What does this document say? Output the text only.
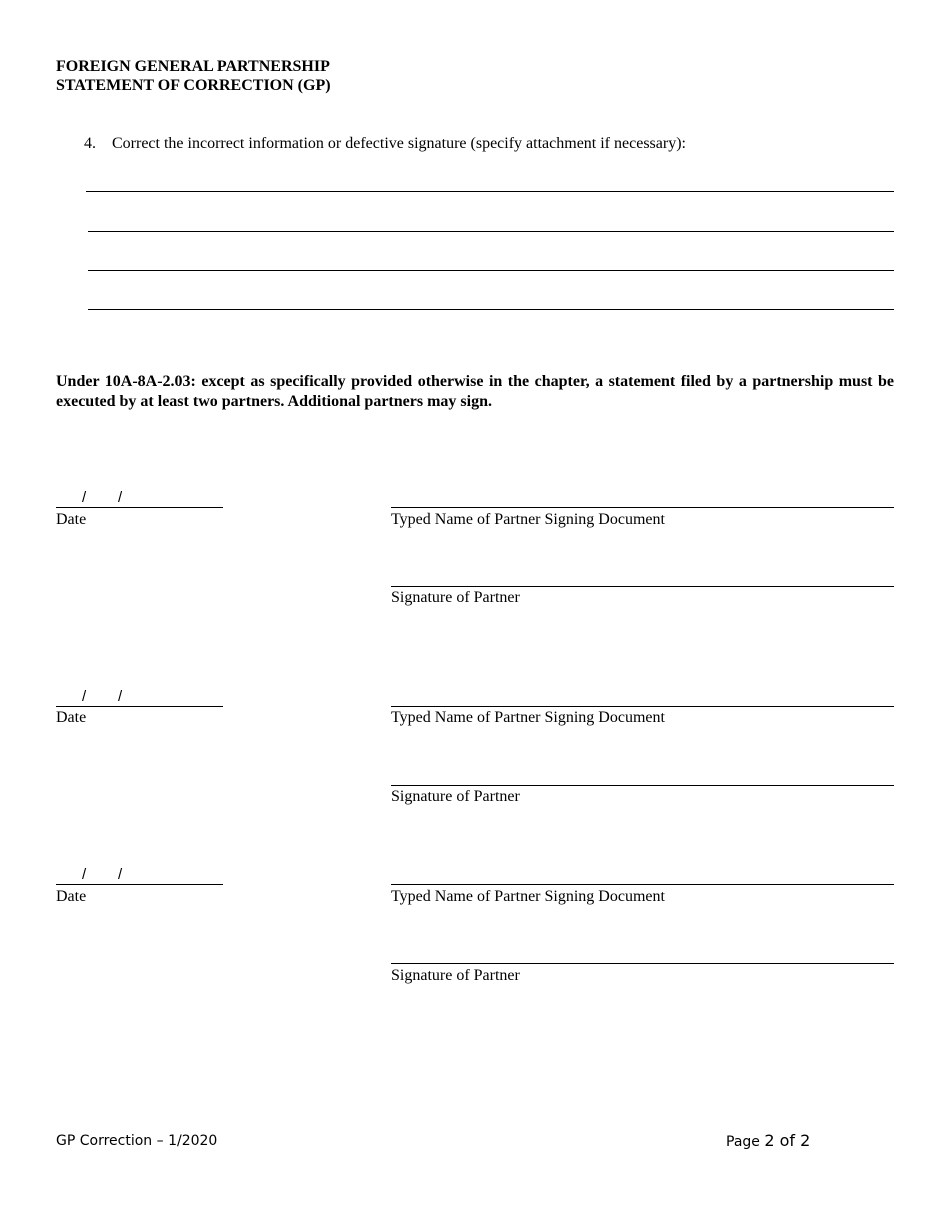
FOREIGN GENERAL PARTNERSHIP
STATEMENT OF CORRECTION (GP)
4.	Correct the incorrect information or defective signature (specify attachment if necessary):
Under 10A-8A-2.03: except as specifically provided otherwise in the chapter, a statement filed by a partnership must be executed by at least two partners. Additional partners may sign.
/ /
Date	Typed Name of Partner Signing Document
Signature of Partner
/ /
Date	Typed Name of Partner Signing Document
Signature of Partner
/ /
Date	Typed Name of Partner Signing Document
Signature of Partner
GP Correction – 1/2020	Page 2 of 2
